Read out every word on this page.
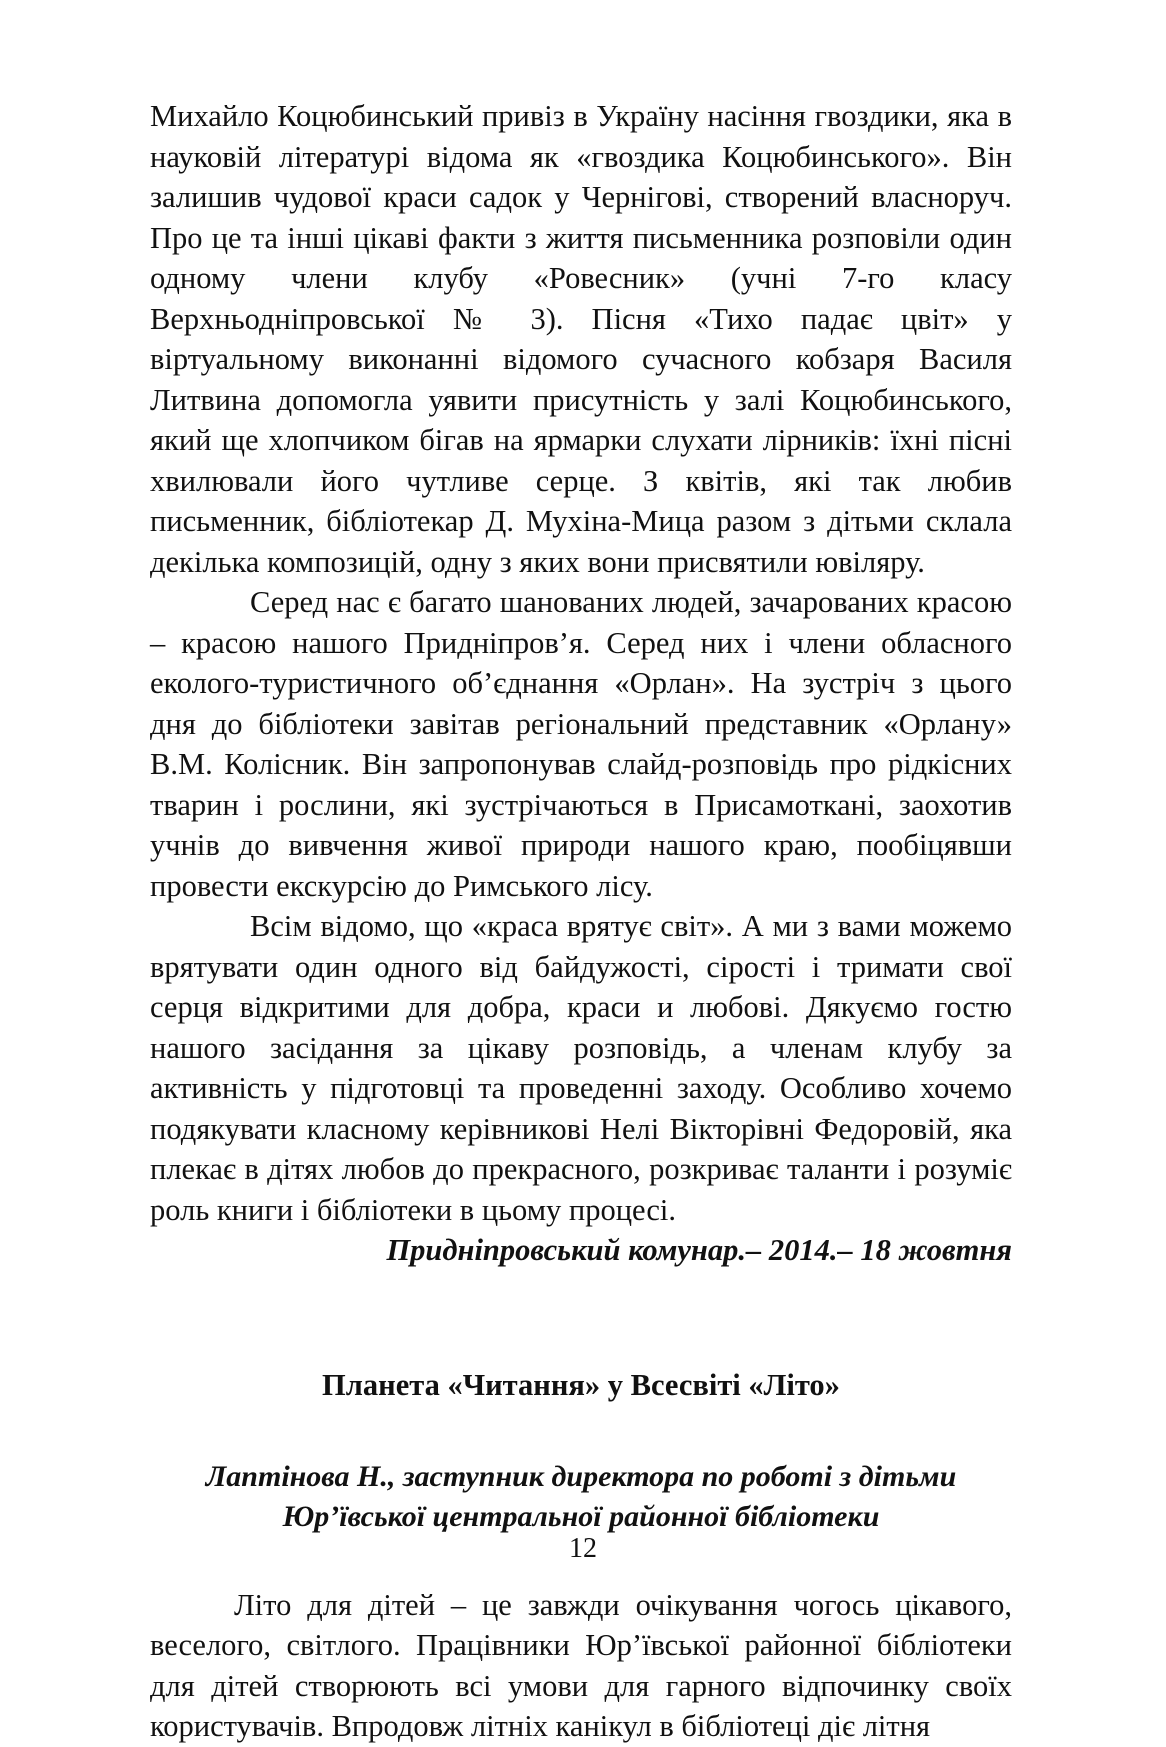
Михайло Коцюбинський привіз в Україну насіння гвоздики, яка в науковій літературі відома як «гвоздика Коцюбинського». Він залишив чудової краси садок у Чернігові, створений власноруч. Про це та інші цікаві факти з життя письменника розповіли один одному члени клубу «Ровесник» (учні 7-го класу Верхньодніпровської № 3). Пісня «Тихо падає цвіт» у віртуальному виконанні відомого сучасного кобзаря Василя Литвина допомогла уявити присутність у залі Коцюбинського, який ще хлопчиком бігав на ярмарки слухати лірників: їхні пісні хвилювали його чутливе серце. З квітів, які так любив письменник, бібліотекар Д. Мухіна-Мица разом з дітьми склала декілька композицій, одну з яких вони присвятили ювіляру.

Серед нас є багато шанованих людей, зачарованих красою – красою нашого Придніпров’я. Серед них і члени обласного еколого-туристичного об’єднання «Орлан». На зустріч з цього дня до бібліотеки завітав регіональний представник «Орлану» В.М. Колісник. Він запропонував слайд-розповідь про рідкісних тварин і рослини, які зустрічаються в Присамоткані, заохотив учнів до вивчення живої природи нашого краю, пообіцявши провести екскурсію до Римського лісу.

Всім відомо, що «краса врятує світ». А ми з вами можемо врятувати один одного від байдужості, сірості і тримати свої серця відкритими для добра, краси и любові. Дякуємо гостю нашого засідання за цікаву розповідь, а членам клубу за активність у підготовці та проведенні заходу. Особливо хочемо подякувати класному керівникові Нелі Вікторівні Федоровій, яка плекає в дітях любов до прекрасного, розкриває таланти і розуміє роль книги і бібліотеки в цьому процесі.

Придніпровський комунар.– 2014.– 18 жовтня
Планета «Читання» у Всесвіті «Літо»
Лаптінова Н., заступник директора по роботі з дітьми
Юр’ївської центральної районної бібліотеки

Літо для дітей – це завжди очікування чогось цікавого, веселого, світлого. Працівники Юр’ївської районної бібліотеки для дітей створюють всі умови для гарного відпочинку своїх користувачів. Впродовж літніх канікул в бібліотеці діє літня

12
